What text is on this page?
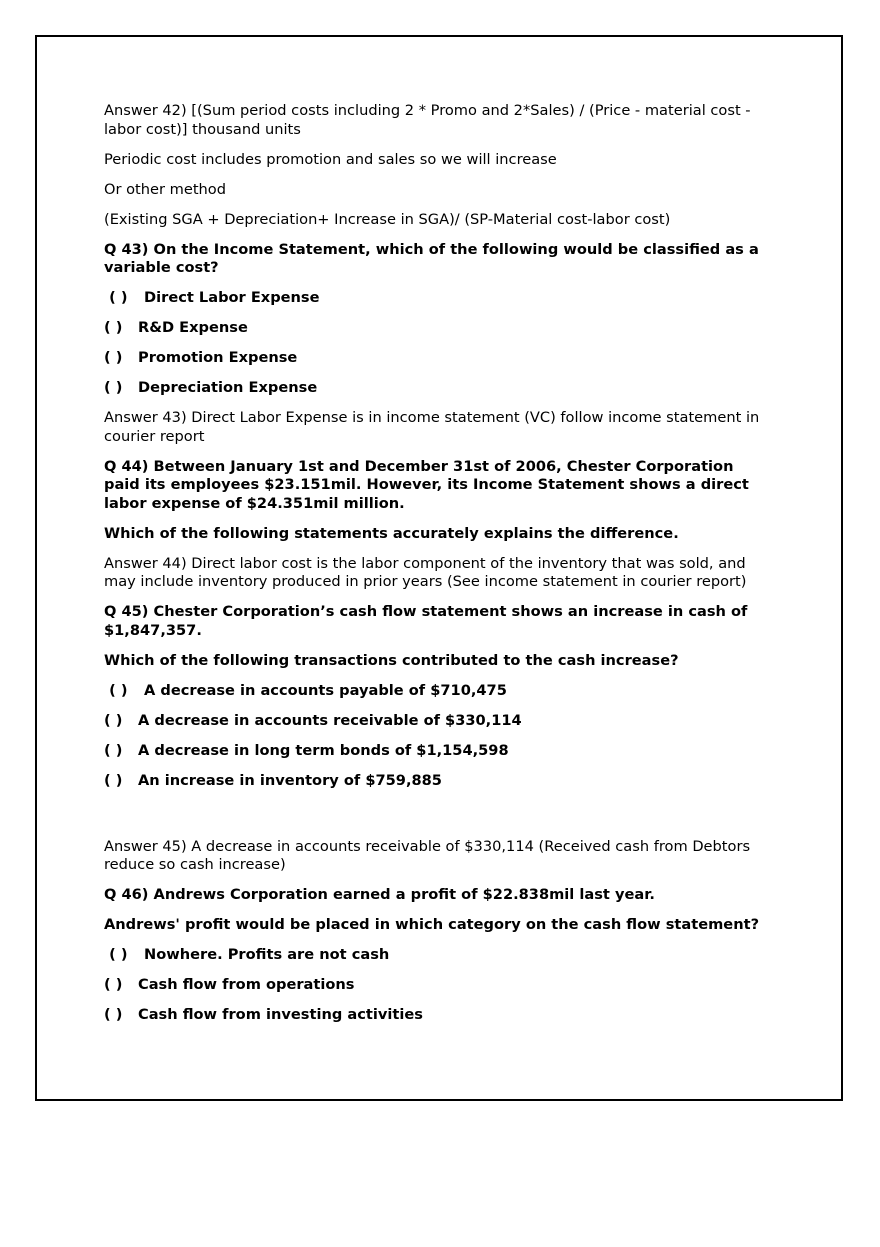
Answer 42) [(Sum period costs including 2 * Promo and 2*Sales) / (Price - material cost - labor cost)] thousand units

Periodic cost includes promotion and sales so we will increase

Or other method

(Existing SGA + Depreciation+ Increase in SGA)/ (SP-Material cost-labor cost)

Q 43) On the Income Statement, which of the following would be classified as a variable cost?

( ) Direct Labor Expense
( ) R&D Expense
( ) Promotion Expense
( ) Depreciation Expense

Answer 43) Direct Labor Expense is in income statement (VC) follow income statement in courier report

Q 44) Between January 1st and December 31st of 2006, Chester Corporation paid its employees $23.151mil. However, its Income Statement shows a direct labor expense of $24.351mil million.

Which of the following statements accurately explains the difference.

Answer 44) Direct labor cost is the labor component of the inventory that was sold, and may include inventory produced in prior years (See income statement in courier report)

Q 45) Chester Corporation’s cash flow statement shows an increase in cash of $1,847,357.

Which of the following transactions contributed to the cash increase?

( ) A decrease in accounts payable of $710,475
( ) A decrease in accounts receivable of $330,114
( ) A decrease in long term bonds of $1,154,598
( ) An increase in inventory of $759,885

Answer 45) A decrease in accounts receivable of $330,114 (Received cash from Debtors reduce so cash increase)

Q 46) Andrews Corporation earned a profit of $22.838mil last year.

Andrews' profit would be placed in which category on the cash flow statement?

( ) Nowhere. Profits are not cash
( ) Cash flow from operations
( ) Cash flow from investing activities
